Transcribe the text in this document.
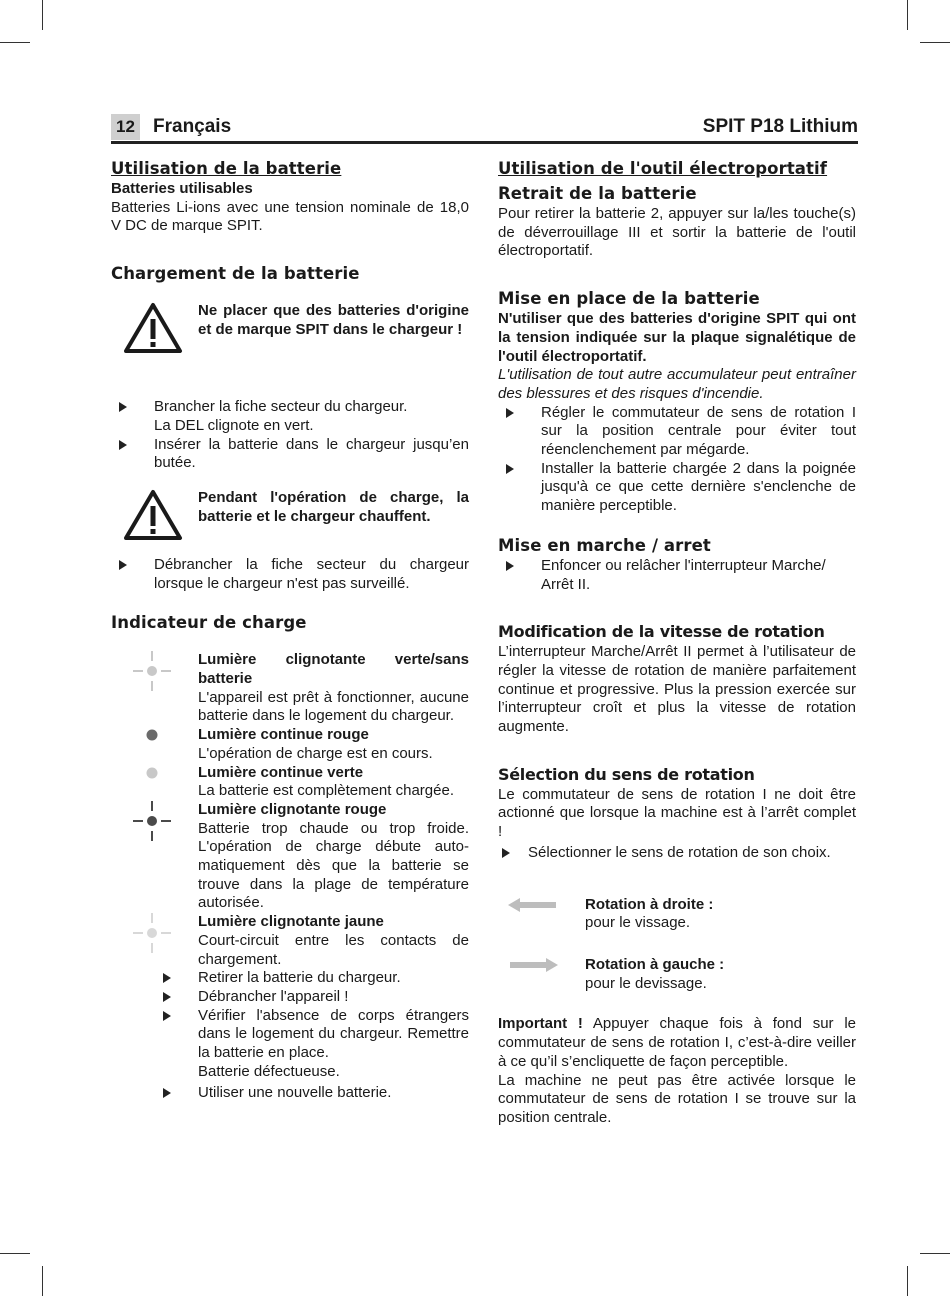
12 Français	SPIT P18 Lithium
Utilisation de la batterie

Batteries utilisables

Batteries Li-ions avec une tension nominale de 18,0 V DC de marque SPIT.

Chargement de la batterie

Ne placer que des batteries d'origine et de marque SPIT dans le chargeur !

Brancher la fiche secteur du chargeur.
La DEL clignote en vert.
Insérer la batterie dans le chargeur jusqu’en butée.

Pendant l'opération de charge, la batterie et le chargeur chauffent.

Débrancher la fiche secteur du chargeur lorsque le chargeur n'est pas surveillé.
Indicateur de charge

Lumière clignotante verte/sans batterie

L'appareil est prêt à fonctionner, aucune batterie dans le logement du chargeur.

Lumière continue rouge

L'opération de charge est en cours.

Lumière continue verte

La batterie est complètement chargée.

Lumière clignotante rouge

Batterie trop chaude ou trop froide. L'opération de charge débute auto-matiquement dès que la batterie se trouve dans la plage de température autorisée.

Lumière clignotante jaune

Court-circuit entre les contacts de chargement.

Retirer la batterie du chargeur.
Débrancher l'appareil !
Vérifier l'absence de corps étrangers dans le logement du chargeur. Remettre la batterie en place.

Batterie défectueuse.

Utiliser une nouvelle batterie.
Utilisation de l'outil électroportatif
Retrait de la batterie

Pour retirer la batterie 2, appuyer sur la/les touche(s) de déverrouillage III et sortir la batterie de l'outil électroportatif.

Mise en place de la batterie

N'utiliser que des batteries d'origine SPIT qui ont la tension indiquée sur la plaque signalétique de l'outil électroportatif.

L'utilisation de tout autre accumulateur peut entraîner des blessures et des risques d'incendie.

Régler le commutateur de sens de rotation I sur la position centrale pour éviter tout réenclenchement par mégarde.
Installer la batterie chargée 2 dans la poignée jusqu'à ce que cette dernière s'enclenche de manière perceptible.
Mise en marche / arret
Enfoncer ou relâcher l'interrupteur Marche/ Arrêt II.
Modification de la vitesse de rotation

L’interrupteur Marche/Arrêt II permet à l’utilisateur de régler la vitesse de rotation de manière parfaitement continue et progressive. Plus la pression exercée sur l’interrupteur croît et plus la vitesse de rotation augmente.

Sélection du sens de rotation

Le commutateur de sens de rotation I ne doit être actionné que lorsque la machine est à l’arrêt complet !

Sélectionner le sens de rotation de son choix.

Rotation à droite :

pour le vissage.

Rotation à gauche :

pour le devissage.

Important ! Appuyer chaque fois à fond sur le commutateur de sens de rotation I, c’est-à-dire veiller à ce qu’il s’encliquette de façon perceptible.

La machine ne peut pas être activée lorsque le commutateur de sens de rotation I se trouve sur la position centrale.
